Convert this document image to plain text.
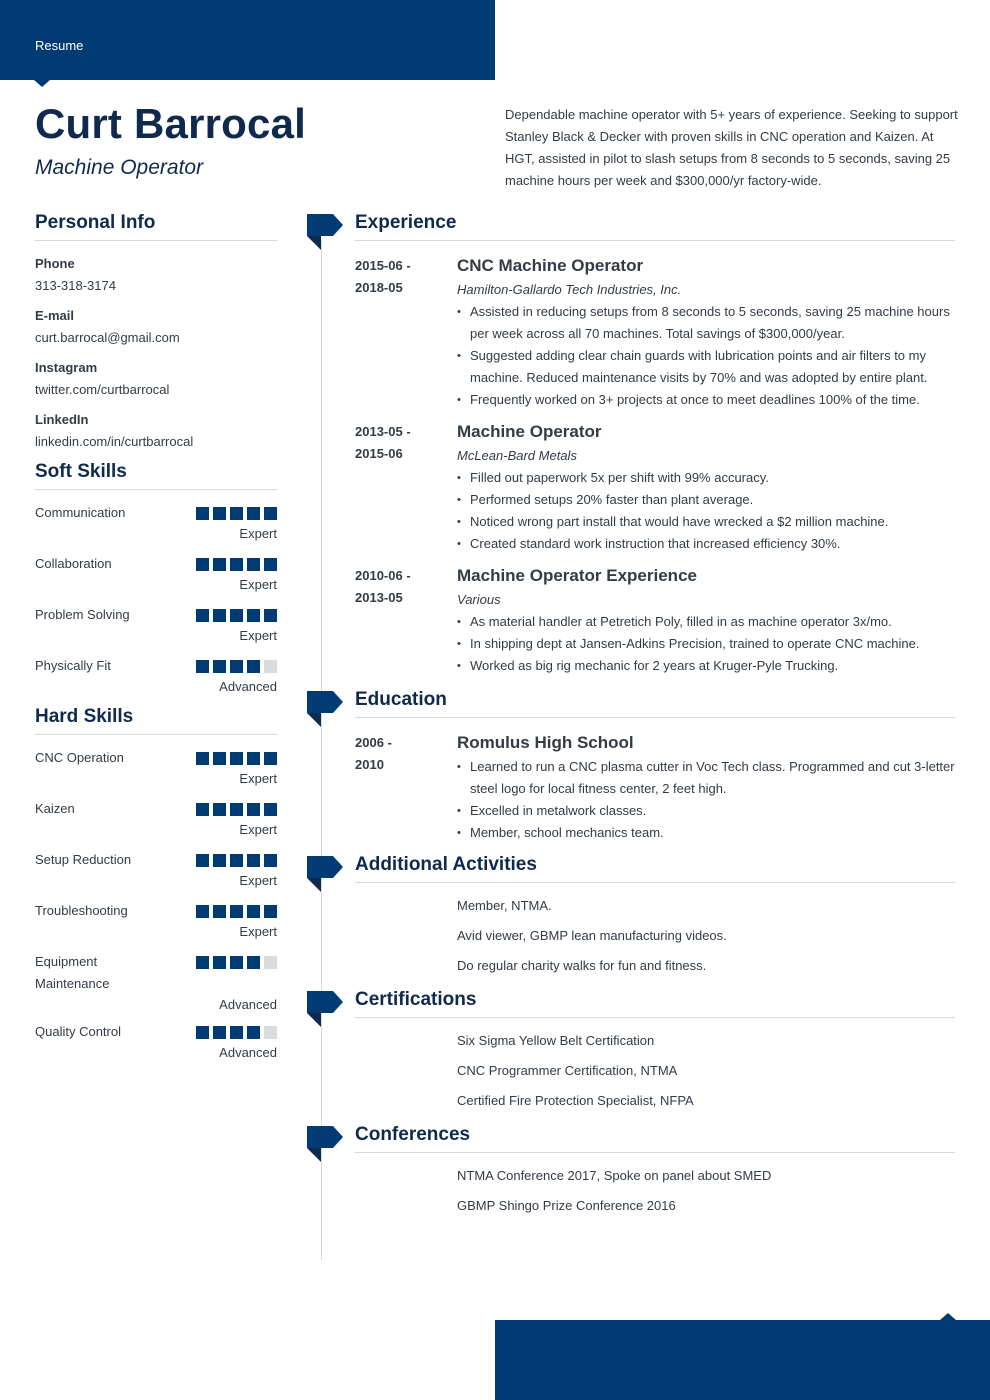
Resume
Curt Barrocal
Machine Operator
Dependable machine operator with 5+ years of experience. Seeking to support Stanley Black & Decker with proven skills in CNC operation and Kaizen. At HGT, assisted in pilot to slash setups from 8 seconds to 5 seconds, saving 25 machine hours per week and $300,000/yr factory-wide.
Personal Info
Phone
313-318-3174
E-mail
curt.barrocal@gmail.com
Instagram
twitter.com/curtbarrocal
LinkedIn
linkedin.com/in/curtbarrocal
Soft Skills
Communication
Expert
Collaboration
Expert
Problem Solving
Expert
Physically Fit
Advanced
Hard Skills
CNC Operation
Expert
Kaizen
Expert
Setup Reduction
Expert
Troubleshooting
Expert
Equipment Maintenance
Advanced
Quality Control
Advanced
Experience
2015-06 -
2018-05
CNC Machine Operator
Hamilton-Gallardo Tech Industries, Inc.
• Assisted in reducing setups from 8 seconds to 5 seconds, saving 25 machine hours per week across all 70 machines. Total savings of $300,000/year.
• Suggested adding clear chain guards with lubrication points and air filters to my machine. Reduced maintenance visits by 70% and was adopted by entire plant.
• Frequently worked on 3+ projects at once to meet deadlines 100% of the time.
2013-05 -
2015-06
Machine Operator
McLean-Bard Metals
• Filled out paperwork 5x per shift with 99% accuracy.
• Performed setups 20% faster than plant average.
• Noticed wrong part install that would have wrecked a $2 million machine.
• Created standard work instruction that increased efficiency 30%.
2010-06 -
2013-05
Machine Operator Experience
Various
• As material handler at Petretich Poly, filled in as machine operator 3x/mo.
• In shipping dept at Jansen-Adkins Precision, trained to operate CNC machine.
• Worked as big rig mechanic for 2 years at Kruger-Pyle Trucking.
Education
2006 -
2010
Romulus High School
• Learned to run a CNC plasma cutter in Voc Tech class. Programmed and cut 3-letter steel logo for local fitness center, 2 feet high.
• Excelled in metalwork classes.
• Member, school mechanics team.
Additional Activities
Member, NTMA.
Avid viewer, GBMP lean manufacturing videos.
Do regular charity walks for fun and fitness.
Certifications
Six Sigma Yellow Belt Certification
CNC Programmer Certification, NTMA
Certified Fire Protection Specialist, NFPA
Conferences
NTMA Conference 2017, Spoke on panel about SMED
GBMP Shingo Prize Conference 2016
